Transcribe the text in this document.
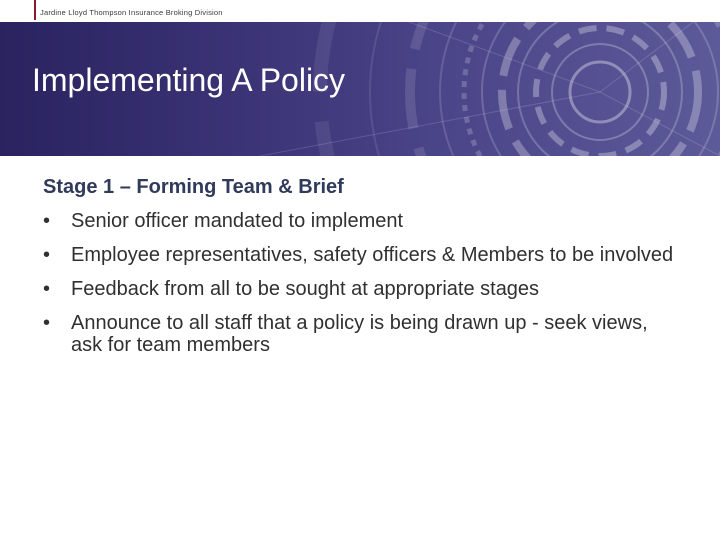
Jardine Lloyd Thompson Insurance Broking Division
Implementing A Policy
Stage 1 – Forming Team & Brief
• Senior officer mandated to implement
• Employee representatives, safety officers & Members to be involved
• Feedback from all to be sought at appropriate stages
• Announce to all staff that a policy is being drawn up - seek views, ask for team members
